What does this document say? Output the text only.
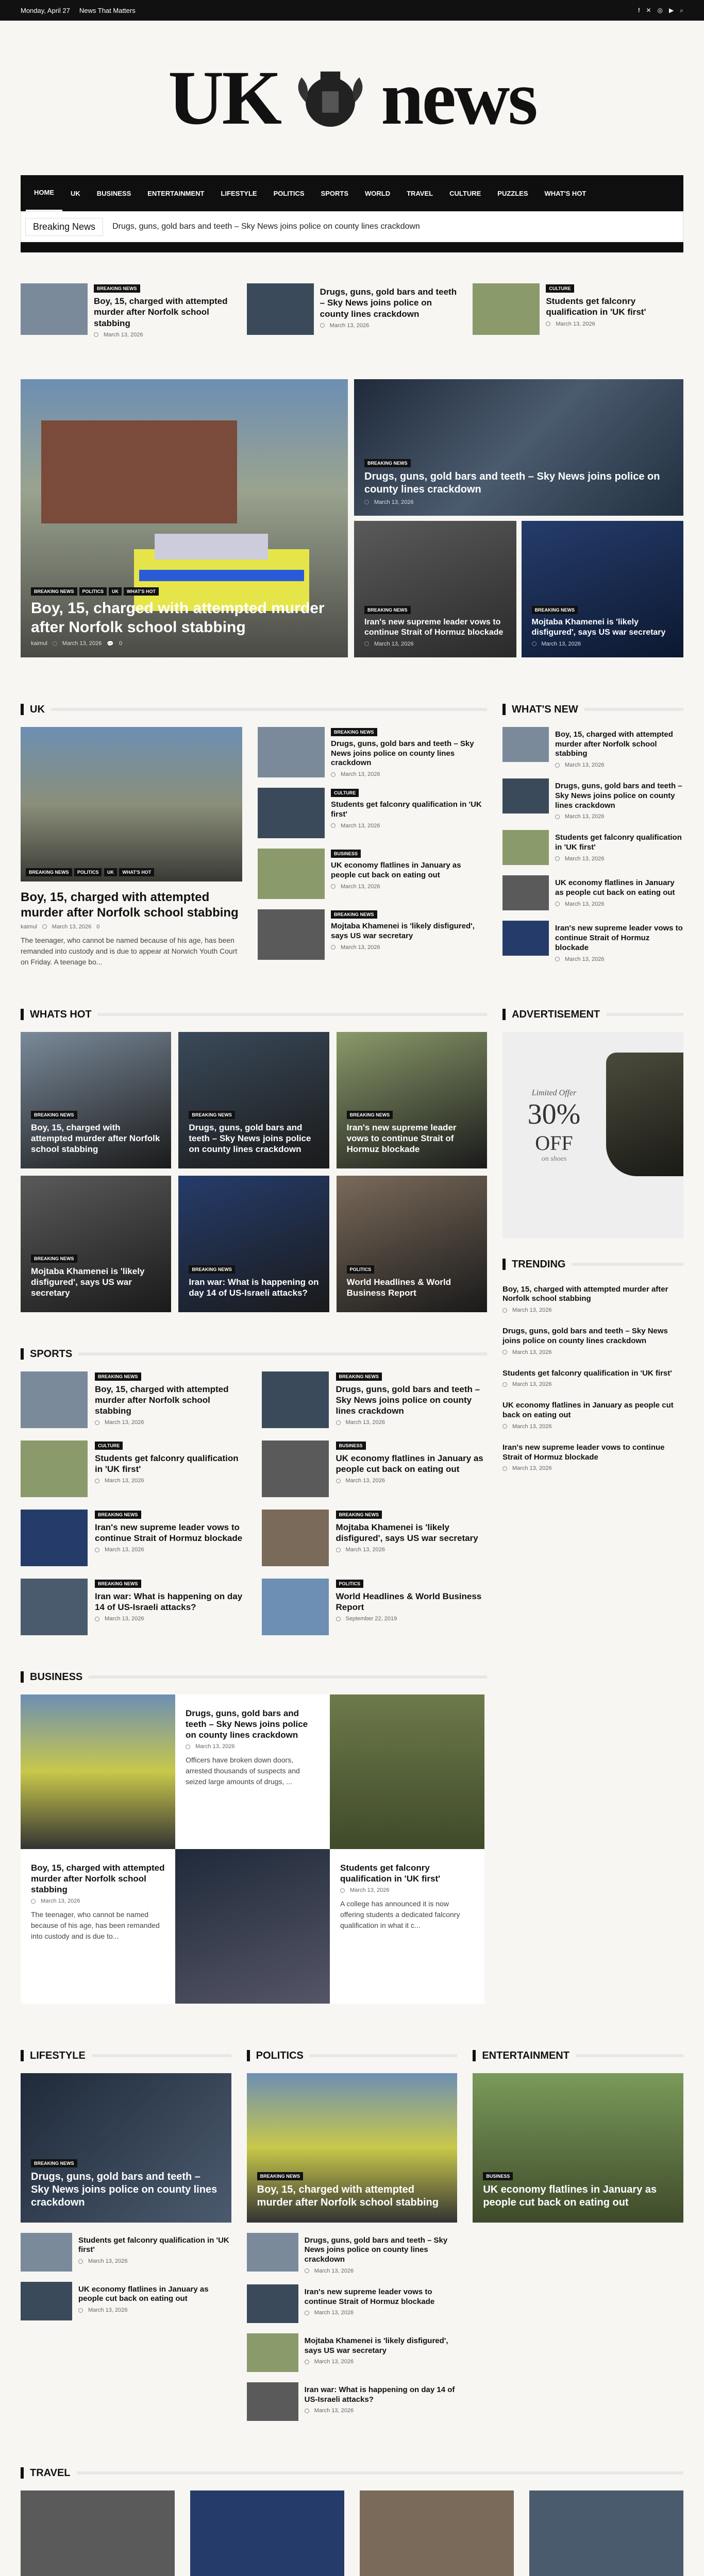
Monday, April 27 News That Matters	f ✕ ◎ ▶ ⌕
UK news
HOME	UK	BUSINESS	ENTERTAINMENT	LIFESTYLE	POLITICS	SPORTS	WORLD	TRAVEL	CULTURE	PUZZLES	WHAT'S HOT
Breaking News	Drugs, guns, gold bars and teeth – Sky News joins police on county lines crackdown
BREAKING NEWS
Boy, 15, charged with attempted murder after Norfolk school stabbing
March 13, 2026
Drugs, guns, gold bars and teeth – Sky News joins police on county lines crackdown
March 13, 2026
CULTURE
Students get falconry qualification in 'UK first'
March 13, 2026
BREAKING NEWS POLITICS UK WHAT'S HOT
Boy, 15, charged with attempted murder after Norfolk school stabbing
kaimul	March 13, 2026 💬 0
BREAKING NEWS
Drugs, guns, gold bars and teeth – Sky News joins police on county lines crackdown
March 13, 2026
BREAKING NEWS
Iran's new supreme leader vows to continue Strait of Hormuz blockade
March 13, 2026
BREAKING NEWS
Mojtaba Khamenei is 'likely disfigured', says US war secretary
March 13, 2026
UK
BREAKING NEWS POLITICS UK WHAT'S HOT
Boy, 15, charged with attempted murder after Norfolk school stabbing
kaimul	March 13, 2026 0

The teenager, who cannot be named because of his age, has been remanded into custody and is due to appear at Norwich Youth Court on Friday. A teenage bo...

BREAKING NEWS
Drugs, guns, gold bars and teeth – Sky News joins police on county lines crackdown
March 13, 2026
CULTURE
Students get falconry qualification in 'UK first'
March 13, 2026
BUSINESS
UK economy flatlines in January as people cut back on eating out
March 13, 2026
BREAKING NEWS
Mojtaba Khamenei is 'likely disfigured', says US war secretary
March 13, 2026
WHAT'S NEW
Boy, 15, charged with attempted murder after Norfolk school stabbing
March 13, 2026
Drugs, guns, gold bars and teeth – Sky News joins police on county lines crackdown
March 13, 2026
Students get falconry qualification in 'UK first'
March 13, 2026
UK economy flatlines in January as people cut back on eating out
March 13, 2026
Iran's new supreme leader vows to continue Strait of Hormuz blockade
March 13, 2026
WHATS HOT
BREAKING NEWS
Boy, 15, charged with attempted murder after Norfolk school stabbing
BREAKING NEWS
Drugs, guns, gold bars and teeth – Sky News joins police on county lines crackdown
BREAKING NEWS
Iran's new supreme leader vows to continue Strait of Hormuz blockade
BREAKING NEWS
Mojtaba Khamenei is 'likely disfigured', says US war secretary
BREAKING NEWS
Iran war: What is happening on day 14 of US-Israeli attacks?
POLITICS
World Headlines & World Business Report
SPORTS
BREAKING NEWS
Boy, 15, charged with attempted murder after Norfolk school stabbing
March 13, 2026
BREAKING NEWS
Drugs, guns, gold bars and teeth – Sky News joins police on county lines crackdown
March 13, 2026
CULTURE
Students get falconry qualification in 'UK first'
March 13, 2026
BUSINESS
UK economy flatlines in January as people cut back on eating out
March 13, 2026
BREAKING NEWS
Iran's new supreme leader vows to continue Strait of Hormuz blockade
March 13, 2026
BREAKING NEWS
Mojtaba Khamenei is 'likely disfigured', says US war secretary
March 13, 2026
BREAKING NEWS
Iran war: What is happening on day 14 of US-Israeli attacks?
March 13, 2026
POLITICS
World Headlines & World Business Report
September 22, 2019
ADVERTISEMENT
Limited Offer
30%
OFF
on shoes
TRENDING
Boy, 15, charged with attempted murder after Norfolk school stabbing
March 13, 2026
Drugs, guns, gold bars and teeth – Sky News joins police on county lines crackdown
March 13, 2026
Students get falconry qualification in 'UK first'
March 13, 2026
UK economy flatlines in January as people cut back on eating out
March 13, 2026
Iran's new supreme leader vows to continue Strait of Hormuz blockade
March 13, 2026
BUSINESS
Drugs, guns, gold bars and teeth – Sky News joins police on county lines crackdown
March 13, 2026

Officers have broken down doors, arrested thousands of suspects and seized large amounts of drugs, ...

Boy, 15, charged with attempted murder after Norfolk school stabbing
March 13, 2026

The teenager, who cannot be named because of his age, has been remanded into custody and is due to...

Students get falconry qualification in 'UK first'
March 13, 2026

A college has announced it is now offering students a dedicated falconry qualification in what it c...

LIFESTYLE
BREAKING NEWS
Drugs, guns, gold bars and teeth – Sky News joins police on county lines crackdown
Students get falconry qualification in 'UK first'
March 13, 2026
UK economy flatlines in January as people cut back on eating out
March 13, 2026
POLITICS
BREAKING NEWS
Boy, 15, charged with attempted murder after Norfolk school stabbing
Drugs, guns, gold bars and teeth – Sky News joins police on county lines crackdown
March 13, 2026
Iran's new supreme leader vows to continue Strait of Hormuz blockade
March 13, 2026
Mojtaba Khamenei is 'likely disfigured', says US war secretary
March 13, 2026
Iran war: What is happening on day 14 of US-Israeli attacks?
March 13, 2026
ENTERTAINMENT
BUSINESS
UK economy flatlines in January as people cut back on eating out
TRAVEL
